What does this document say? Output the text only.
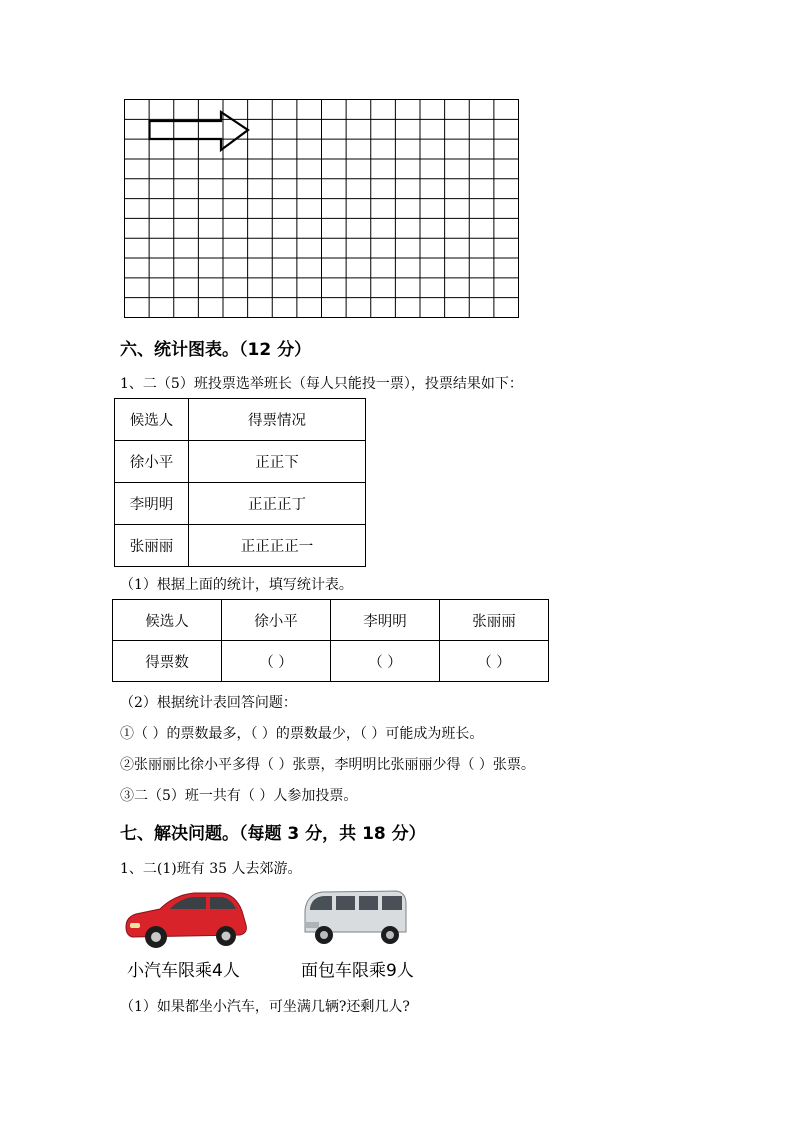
六、统计图表。（12 分）
1、二（5）班投票选举班长（每人只能投一票），投票结果如下：
候选人	得票情况
徐小平	正正下
李明明	正正正丁
张丽丽	正正正正一
（1）根据上面的统计，填写统计表。
候选人	徐小平	李明明	张丽丽
得票数	（ ）	（ ）	（ ）
（2）根据统计表回答问题：
①（ ）的票数最多，（ ）的票数最少，（ ）可能成为班长。
②张丽丽比徐小平多得（ ）张票，李明明比张丽丽少得（ ）张票。
③二（5）班一共有（ ）人参加投票。
七、解决问题。（每题 3 分，共 18 分）
1、二(1)班有 35 人去郊游。
小汽车限乘4人	面包车限乘9人
（1）如果都坐小汽车，可坐满几辆?还剩几人?
